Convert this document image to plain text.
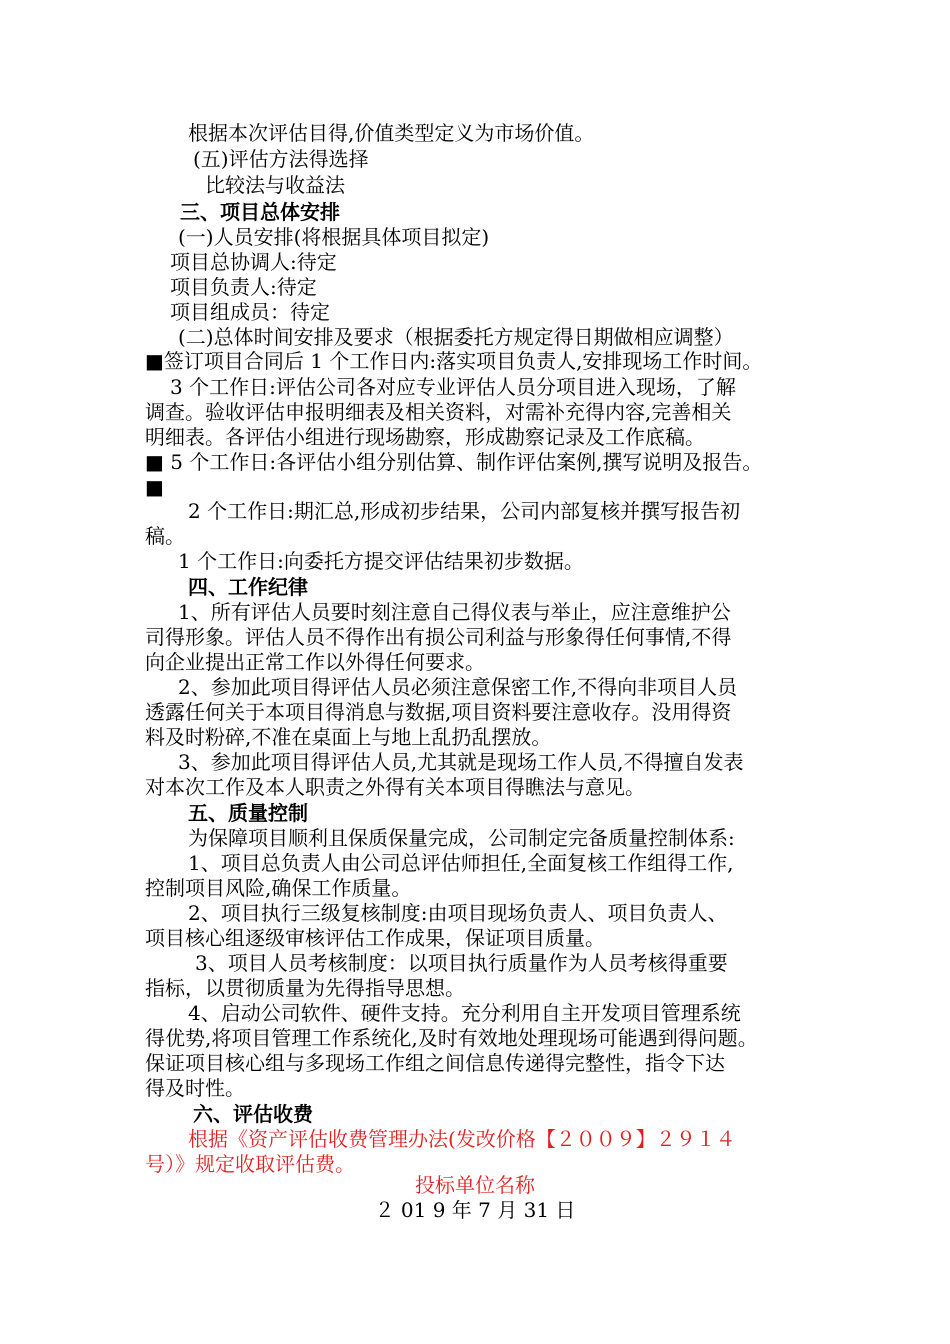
根据本次评估目得,价值类型定义为市场价值。
(五)评估方法得选择
比较法与收益法
三、项目总体安排
(一)人员安排(将根据具体项目拟定)
项目总协调人:待定
项目负责人:待定
项目组成员：待定
(二)总体时间安排及要求（根据委托方规定得日期做相应调整）
■签订项目合同后 1 个工作日内:落实项目负责人,安排现场工作时间。
3 个工作日:评估公司各对应专业评估人员分项目进入现场，了解
调查。验收评估申报明细表及相关资料，对需补充得内容,完善相关
明细表。各评估小组进行现场勘察，形成勘察记录及工作底稿。
■ 5 个工作日:各评估小组分别估算、制作评估案例,撰写说明及报告。
■
2 个工作日:期汇总,形成初步结果，公司内部复核并撰写报告初
稿。
1 个工作日:向委托方提交评估结果初步数据。
四、工作纪律
1、所有评估人员要时刻注意自己得仪表与举止，应注意维护公
司得形象。评估人员不得作出有损公司利益与形象得任何事情,不得
向企业提出正常工作以外得任何要求。
2、参加此项目得评估人员必须注意保密工作,不得向非项目人员
透露任何关于本项目得消息与数据,项目资料要注意收存。没用得资
料及时粉碎,不准在桌面上与地上乱扔乱摆放。
3、参加此项目得评估人员,尤其就是现场工作人员,不得擅自发表
对本次工作及本人职责之外得有关本项目得瞧法与意见。
五、质量控制
为保障项目顺利且保质保量完成，公司制定完备质量控制体系:
1、项目总负责人由公司总评估师担任,全面复核工作组得工作,
控制项目风险,确保工作质量。
2、项目执行三级复核制度:由项目现场负责人、项目负责人、
项目核心组逐级审核评估工作成果，保证项目质量。
3、项目人员考核制度：以项目执行质量作为人员考核得重要
指标，以贯彻质量为先得指导思想。
4、启动公司软件、硬件支持。充分利用自主开发项目管理系统
得优势,将项目管理工作系统化,及时有效地处理现场可能遇到得问题。
保证项目核心组与多现场工作组之间信息传递得完整性，指令下达
得及时性。
六、评估收费
根据《资产评估收费管理办法(发改价格【２００９】２９１４
号）》规定收取评估费。
投标单位名称
２ 01 9 年 7 月 31 日
